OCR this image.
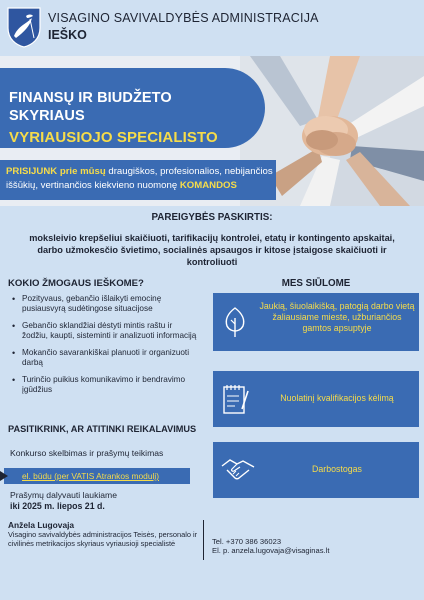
VISAGINO SAVIVALDYBĖS ADMINISTRACIJA
IEŠKO
FINANSŲ IR BIUDŽETO
SKYRIAUS
VYRIAUSIOJO SPECIALISTO
PRISIJUNK prie mūsų draugiškos, profesionalios, nebijančios iššūkių, vertinančios kiekvieno nuomonę KOMANDOS
PAREIGYBĖS PASKIRTIS:
moksleivio krepšeliui skaičiuoti, tarifikacijų kontrolei, etatų ir kontingento apskaitai, darbo užmokesčio švietimo, socialinės apsaugos ir kitose įstaigose skaičiuoti ir kontroliuoti
KOKIO ŽMOGAUS IEŠKOME?
• Pozityvaus, gebančio išlaikyti emocinę pusiausvyrą sudėtingose situacijose
• Gebančio sklandžiai dėstyti mintis raštu ir žodžiu, kaupti, sisteminti ir analizuoti informaciją
• Mokančio savarankiškai planuoti ir organizuoti darbą
• Turinčio puikius komunikavimo ir bendravimo įgūdžius
PASITIKRINK, AR ATITINKI REIKALAVIMUS
Konkurso skelbimas ir prašymų teikimas
el. būdu (per VATIS Atrankos modulį)
Prašymų dalyvauti laukiame
iki 2025 m. liepos 21 d.
MES SIŪLOME
Jaukią, šiuolaikišką, patogią darbo vietą žaliausiame mieste, užburiančios gamtos apsuptyje
Nuolatinį kvalifikacijos kėlimą
Darbostogas
Anželа Lugovaja
Visagino savivaldybės administracijos Teisės, personalo ir civilinės metrikacijos skyriaus vyriausioji specialistė	Tel. +370 386 36023
El. p. anzela.lugovaja@visaginas.lt
